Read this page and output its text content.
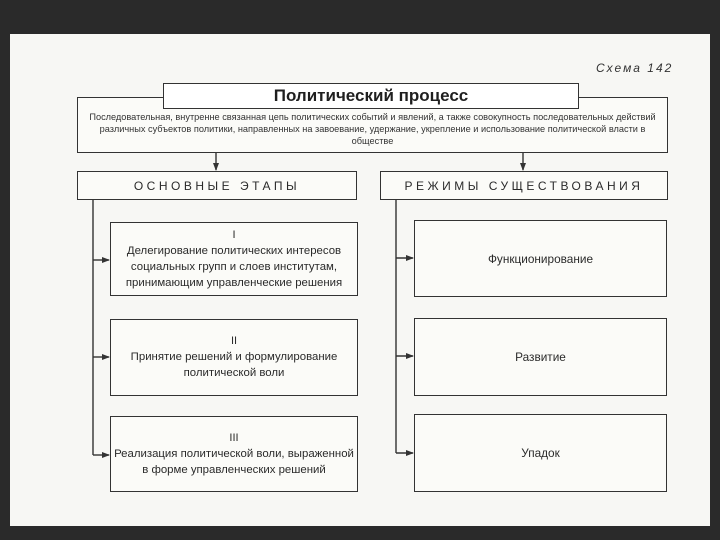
Схема 142
Последовательная, внутренне связанная цепь политических событий и явлений, а также совокупность последовательных действий различных субъектов политики, направленных на завоевание, удержание, укрепление и использование политической власти в обществе
Политический процесс
ОСНОВНЫЕ ЭТАПЫ	РЕЖИМЫ СУЩЕСТВОВАНИЯ
I
Делегирование политических интересов социальных групп и слоев институтам, принимающим управленческие решения
II
Принятие решений и формулирование политической воли
III
Реализация политической воли, выраженной в форме управленческих решений
Функционирование
Развитие
Упадок
